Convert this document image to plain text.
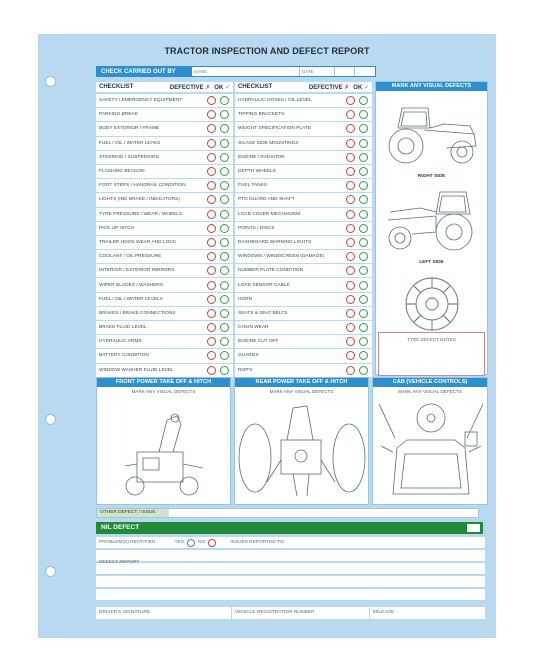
TRACTOR INSPECTION AND DEFECT REPORT
CHECK CARRIED OUT BY	NAME	DATE
CHECKLIST	DEFECTIVE ✗ OK ✓ CHECKLIST	DEFECTIVE ✗ OK ✓
SAFETY / EMERGENCY EQUIPMENT
PARKING BREAK
BODY EXTERIOR / FRAME
FUEL / OIL / WATER LEAKS
STEERING / SUSPENSION
FLASHING BEACON
FOOT STEPS / HANDRAIL CONDITION
LIGHTS (INC BRAKE / INDICATORS)
TYRE PRESSURE / WEAR / WHEELS
PICK UP HITCH
TRAILER HOOK WEAR AND LOCK
COOLANT / OIL PRESSURE
INTERIOR / EXTERIOR MIRRORS
WIPER BLADES / WASHERS
FUEL / OIL / WATER LEVELS
BRAKES / BRAKE CONNECTIONS
BRAKE FLUID LEVEL
HYDRAULIC ARMS
BATTERY CONDITION
WINDOW WASHER FLUID LEVEL
HYDRAULIC HOSES / OIL LEVEL
TIPPING BRACKETS
WEIGHT SPECIFICATION PLATE
SILAGE SIDE MOUNTINGS
ENGINE / RADIATOR
DEPTH WHEELS
FUEL TANKS
PTO GUARD AND SHAFT
LOAD COVER MECHANISM
POINTS / DISCS
DASHBOARD WARNING LIGHTS
WINDOWS / WINDSCREEN (DAMAGE)
NUMBER PLATE CONDITION
LOAD SENSOR CABLE
HORN
SEATS & SEAT BELTS
CHAIN WEAR
ENGINE CUT OFF
GUARDS
ROP'S
MARK ANY VISUAL DEFECTS
RIGHT SIDE
LEFT SIDE
TYRE DEFECT NOTES
FRONT POWER TAKE OFF & HITCH
MARK ANY VISUAL DEFECTS
REAR POWER TAKE OFF & HITCH
MARK ANY VISUAL DEFECTS
CAB (VEHICLE CONTROLS)
MARK ANY VISUAL DEFECTS
OTHER DEFECT / ISSUE
NIL DEFECT
PROBLEM(S) RECTIFIED	YES	NO	ISSUES REPORTED TO:
DRIVER'S SIGNATURE	VEHICLE REGISTRATION NUMBER	MILEAGE
